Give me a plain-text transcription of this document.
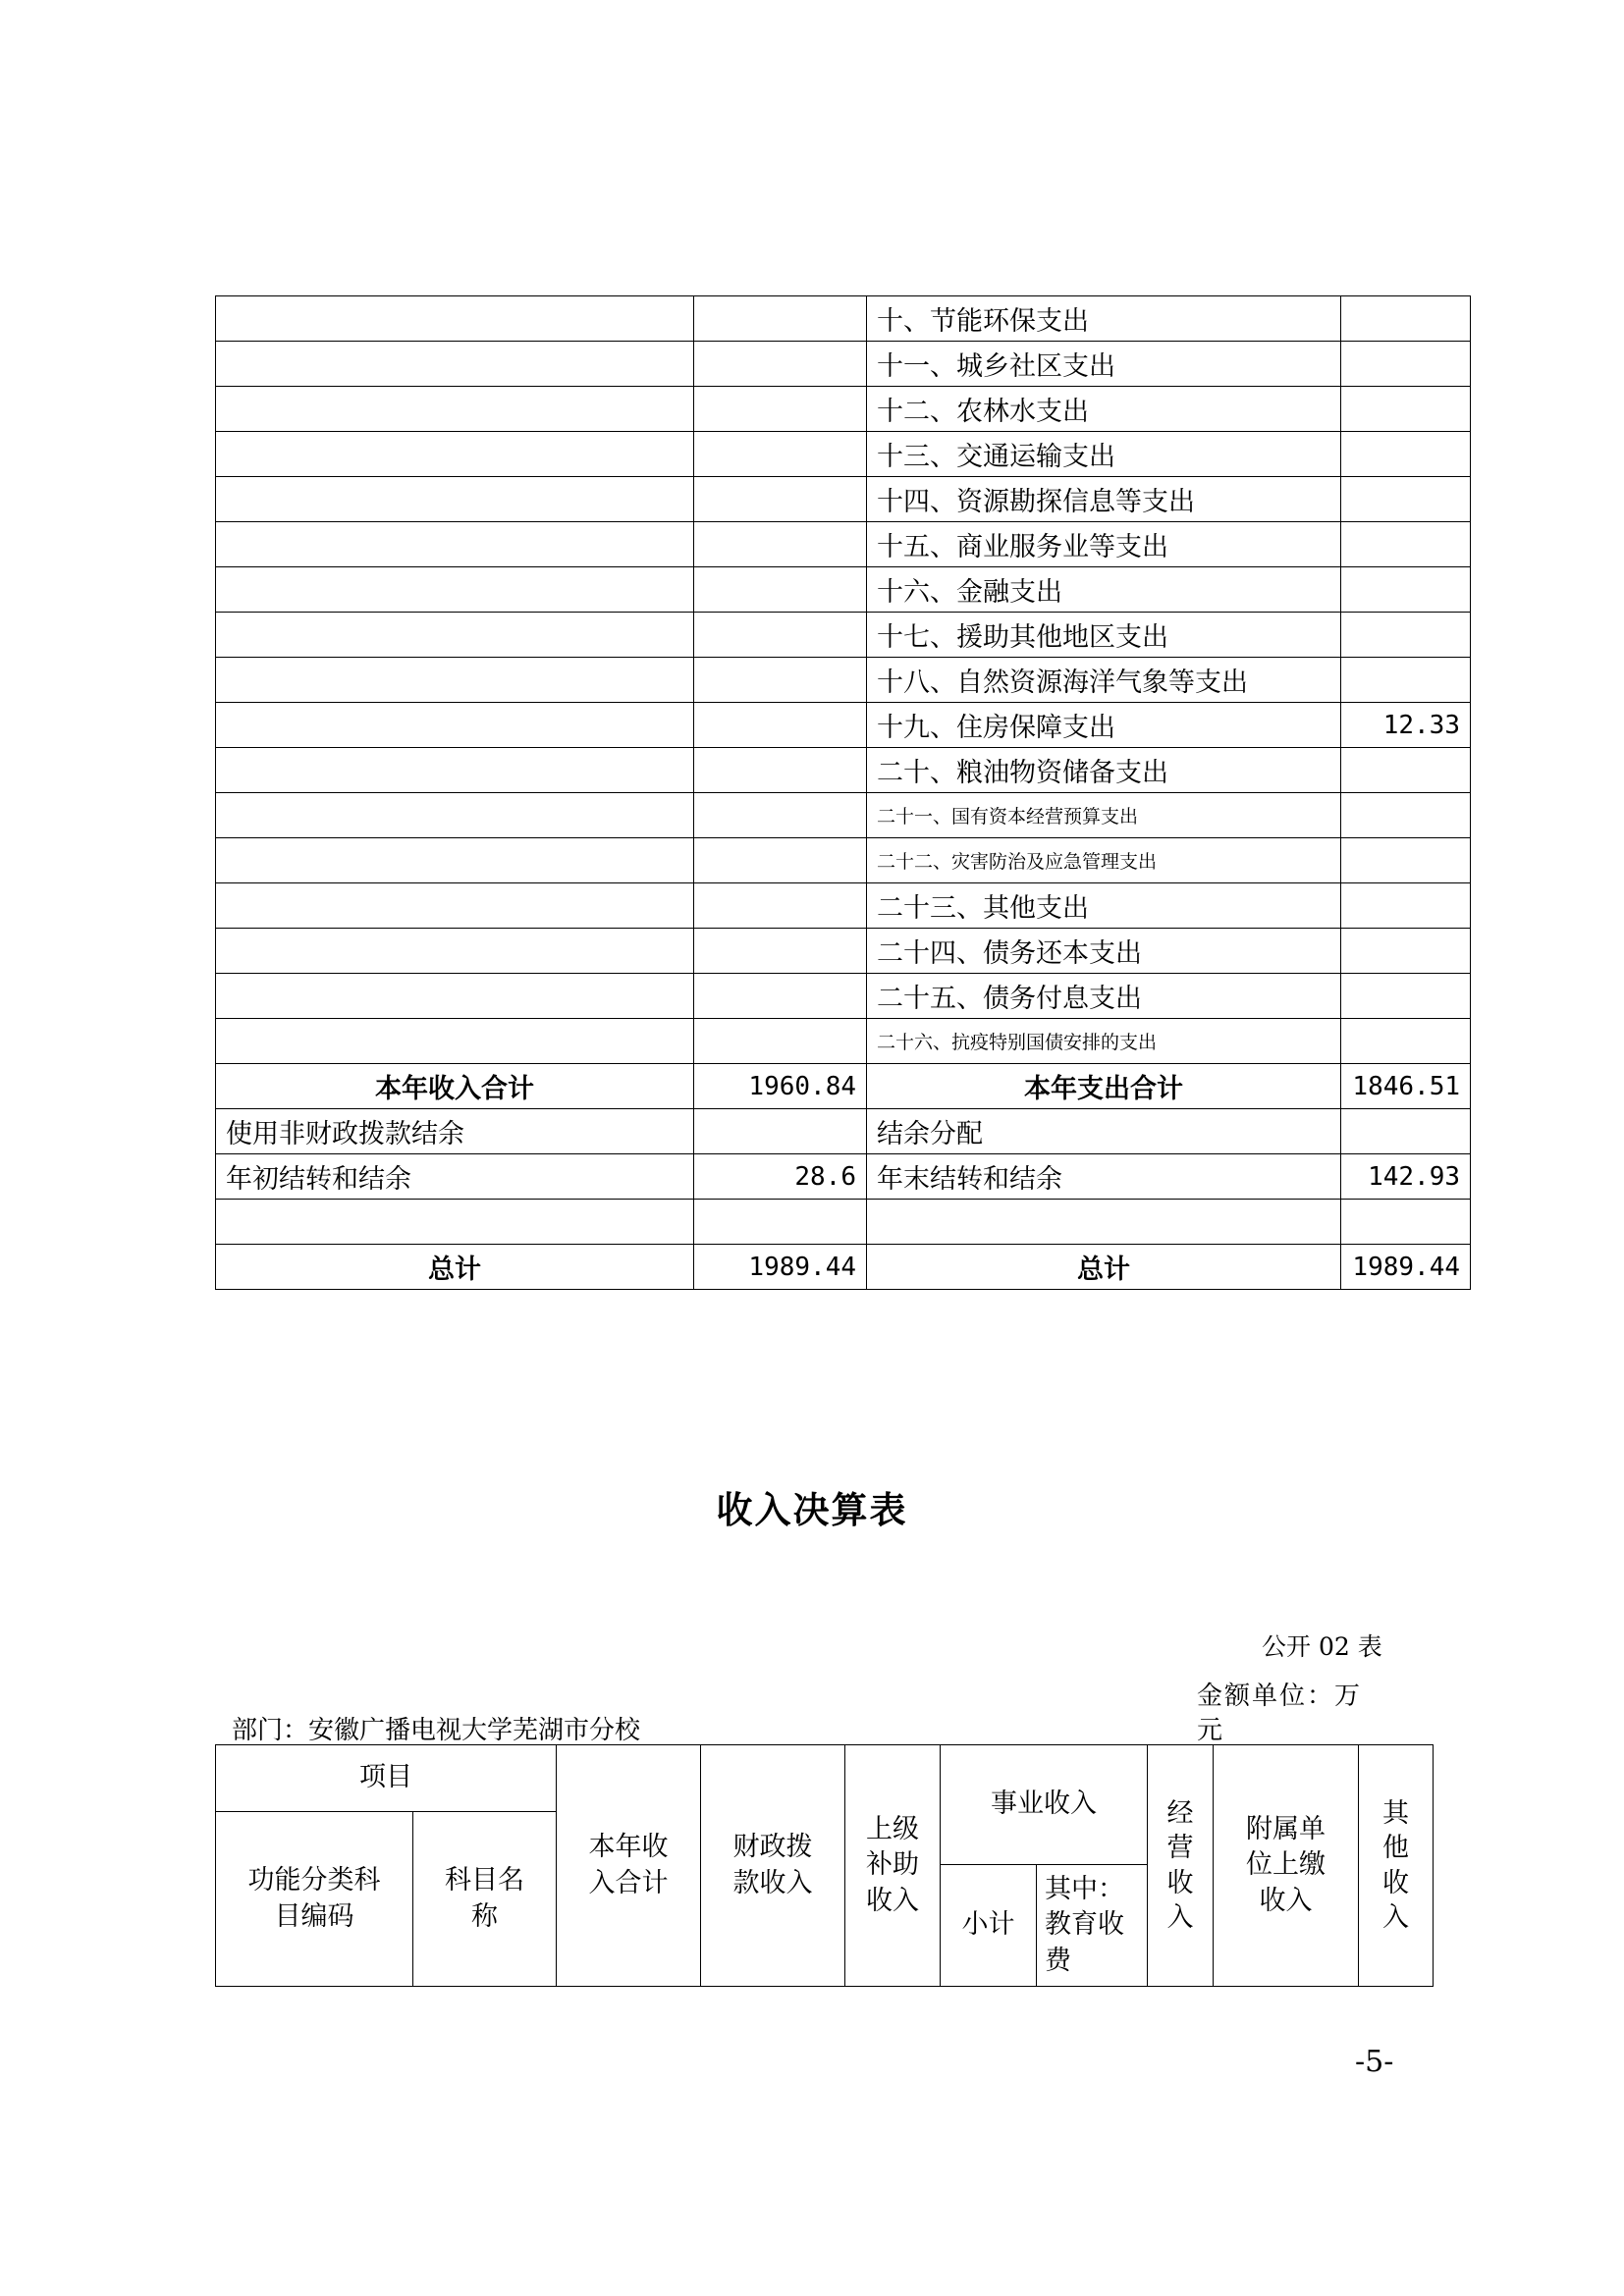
		十、节能环保支出	
		十一、城乡社区支出	
		十二、农林水支出	
		十三、交通运输支出	
		十四、资源勘探信息等支出	
		十五、商业服务业等支出	
		十六、金融支出	
		十七、援助其他地区支出	
		十八、自然资源海洋气象等支出	
		十九、住房保障支出	12.33
		二十、粮油物资储备支出	
		二十一、国有资本经营预算支出	
		二十二、灾害防治及应急管理支出	
		二十三、其他支出	
		二十四、债务还本支出	
		二十五、债务付息支出	
		二十六、抗疫特别国债安排的支出	
本年收入合计	1960.84	本年支出合计	1846.51
使用非财政拨款结余		结余分配	
年初结转和结余	28.6	年末结转和结余	142.93

总计	1989.44	总计	1989.44
收入决算表
公开 02 表
金额单位：万
元
部门：安徽广播电视大学芜湖市分校
项目		本年收入合计	财政拨款收入	上级补助收入	事业收入		经营收入	附属单位上缴收入	其他收入

功能分类科目编码	科目名称								

					小计	其中：教育收费			
-5-
